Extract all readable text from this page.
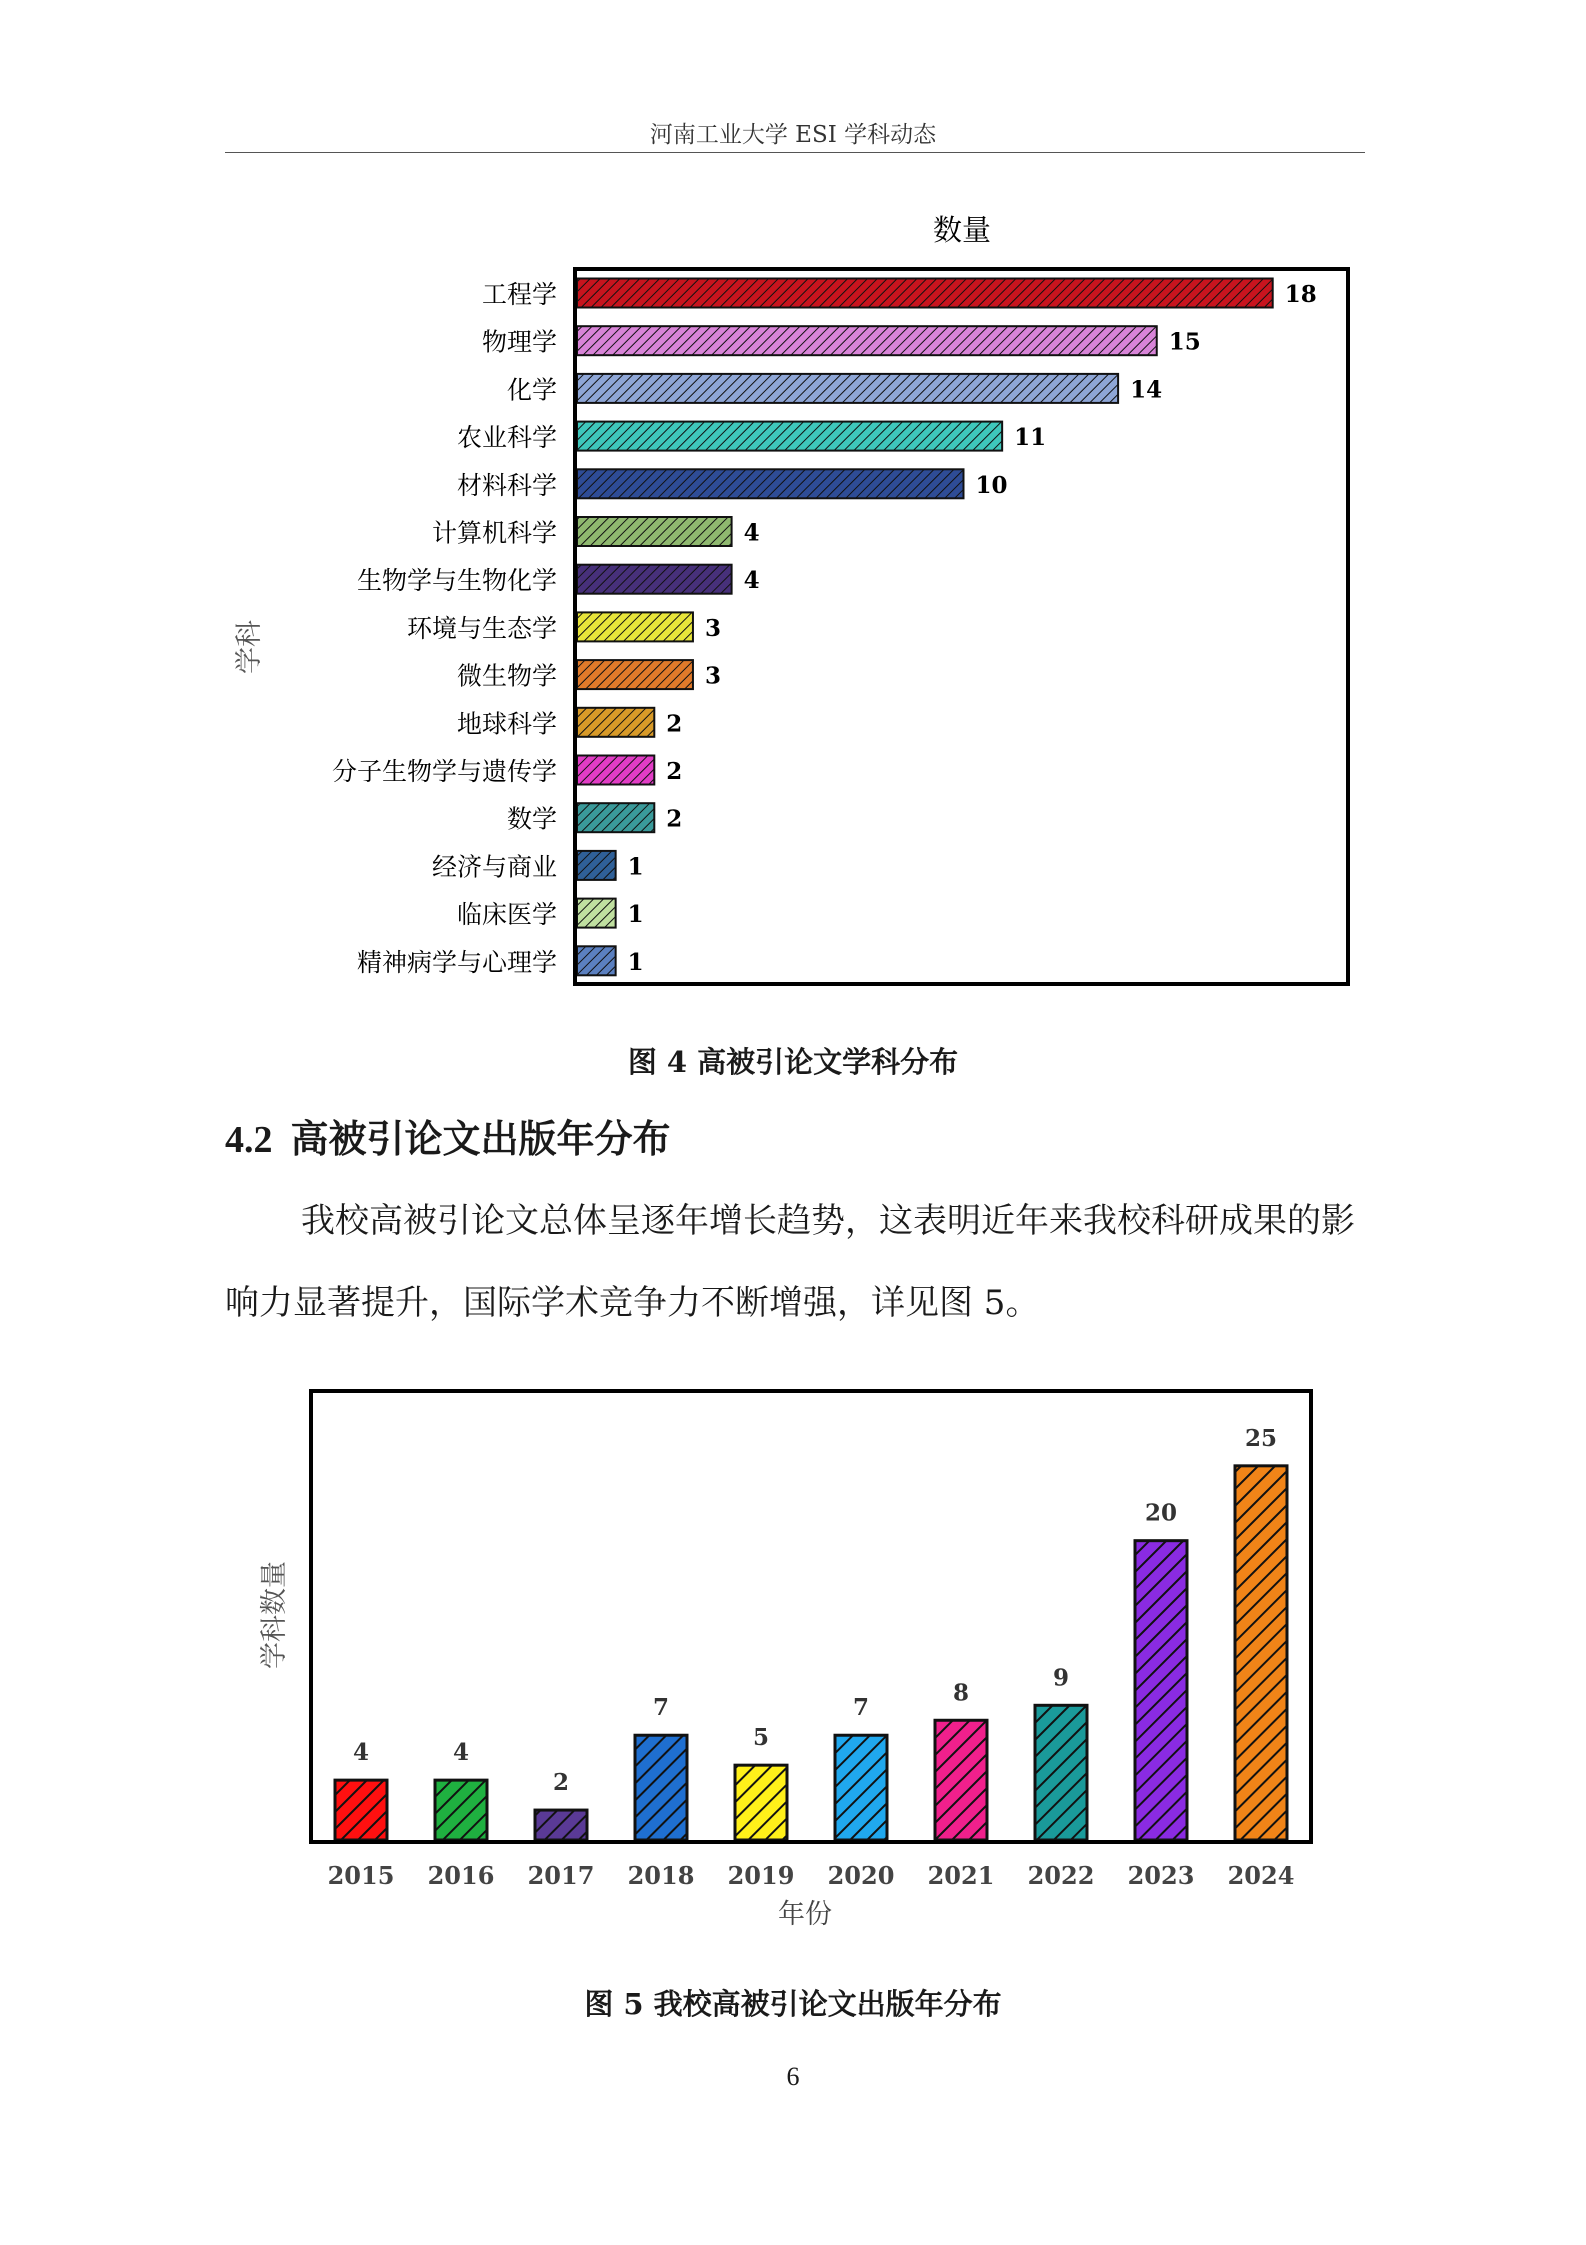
河南工业大学 ESI 学科动态
数量
学科
工程学	18
物理学	15
化学	14
农业科学	11
材料科学	10
计算机科学	4
生物学与生物化学	4
环境与生态学	3
微生物学	3
地球科学	2
分子生物学与遗传学	2
数学	2
经济与商业	1
临床医学	1
精神病学与心理学	1
图 4 高被引论文学科分布
4.2 高被引论文出版年分布

我校高被引论文总体呈逐年增长趋势，这表明近年来我校科研成果的影响力显著提升，国际学术竞争力不断增强，详见图 5。

学科数量
年份
4
2015
4
2016
2
2017
7
2018
5
2019
7
2020
8
2021
9
2022
20
2023
25
2024
图 5 我校高被引论文出版年分布
6
